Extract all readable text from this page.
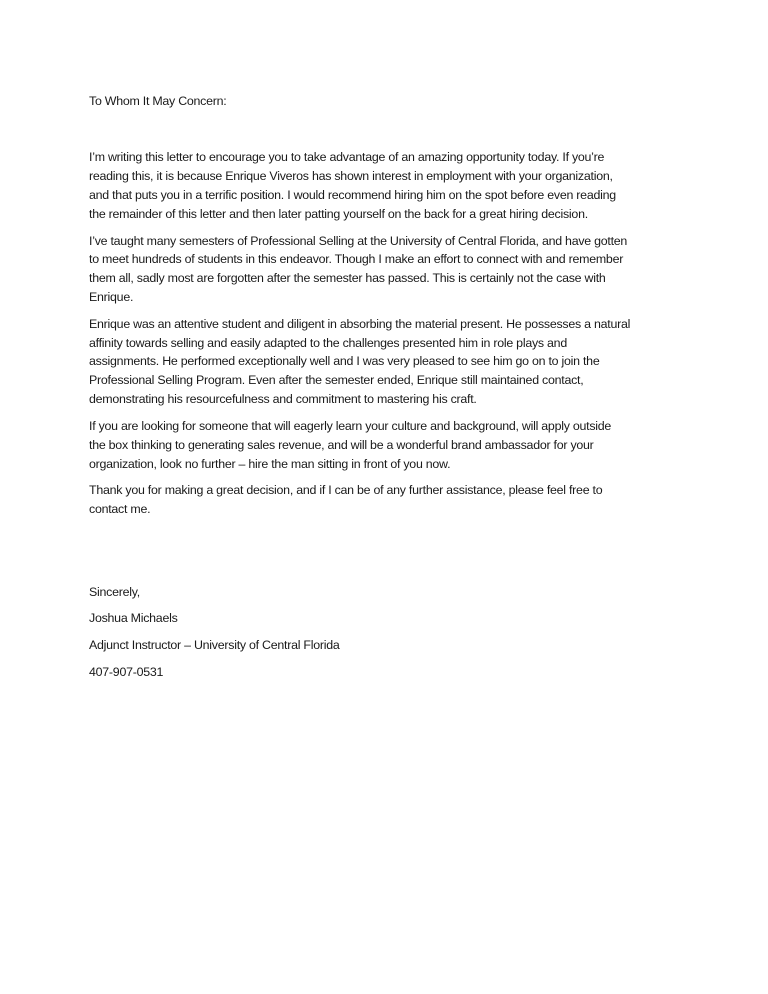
To Whom It May Concern:

I’m writing this letter to encourage you to take advantage of an amazing opportunity today. If you’re
reading this, it is because Enrique Viveros has shown interest in employment with your organization,
and that puts you in a terrific position. I would recommend hiring him on the spot before even reading
the remainder of this letter and then later patting yourself on the back for a great hiring decision.

I’ve taught many semesters of Professional Selling at the University of Central Florida, and have gotten
to meet hundreds of students in this endeavor. Though I make an effort to connect with and remember
them all, sadly most are forgotten after the semester has passed. This is certainly not the case with
Enrique.

Enrique was an attentive student and diligent in absorbing the material present. He possesses a natural
affinity towards selling and easily adapted to the challenges presented him in role plays and
assignments. He performed exceptionally well and I was very pleased to see him go on to join the
Professional Selling Program. Even after the semester ended, Enrique still maintained contact,
demonstrating his resourcefulness and commitment to mastering his craft.

If you are looking for someone that will eagerly learn your culture and background, will apply outside
the box thinking to generating sales revenue, and will be a wonderful brand ambassador for your
organization, look no further – hire the man sitting in front of you now.

Thank you for making a great decision, and if I can be of any further assistance, please feel free to
contact me.

Sincerely,

Joshua Michaels

Adjunct Instructor – University of Central Florida

407-907-0531
